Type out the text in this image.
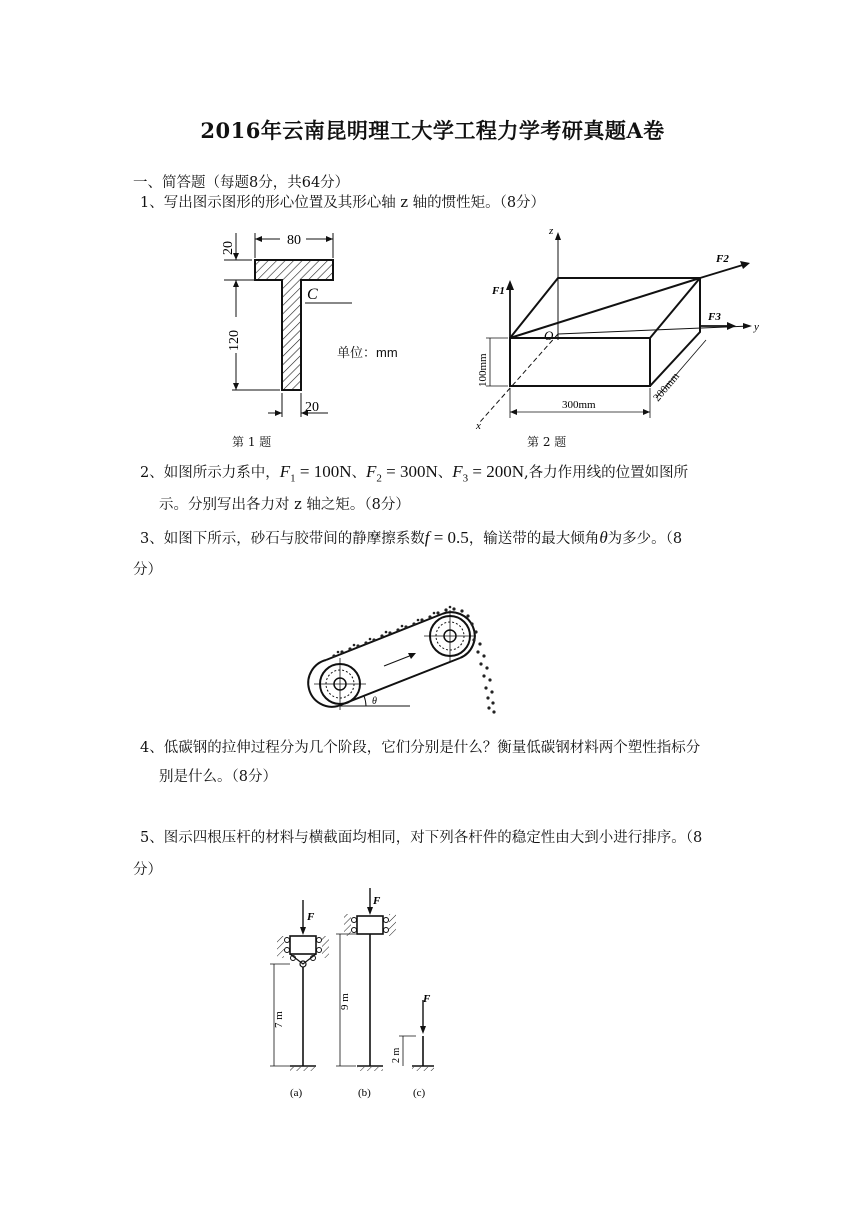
2016年云南昆明理工大学工程力学考研真题A卷
一、简答题（每题8分，共64分）
1、写出图示图形的形心位置及其形心轴 z 轴的惯性矩。（8分）
80
20
120
C
20
单位：mm
第 1 题
z
y
x
O
F1
F2
F3
100mm
300mm
200mm
第 2 题
2、如图所示力系中，$F_1 = 100N$、$F_2 = 300N$、$F_3 = 200N$,各力作用线的位置如图所
示。分别写出各力对 z 轴之矩。（8分）
3、如图下所示，砂石与胶带间的静摩擦系数f = 0.5，输送带的最大倾角θ为多少。（8
分）
θ
4、低碳钢的拉伸过程分为几个阶段，它们分别是什么？衡量低碳钢材料两个塑性指标分
别是什么。（8分）
5、图示四根压杆的材料与横截面均相同，对下列各杆件的稳定性由大到小进行排序。（8
分）
F
7 m
F
9 m	F
2 m
(a)	(b)	(c)
